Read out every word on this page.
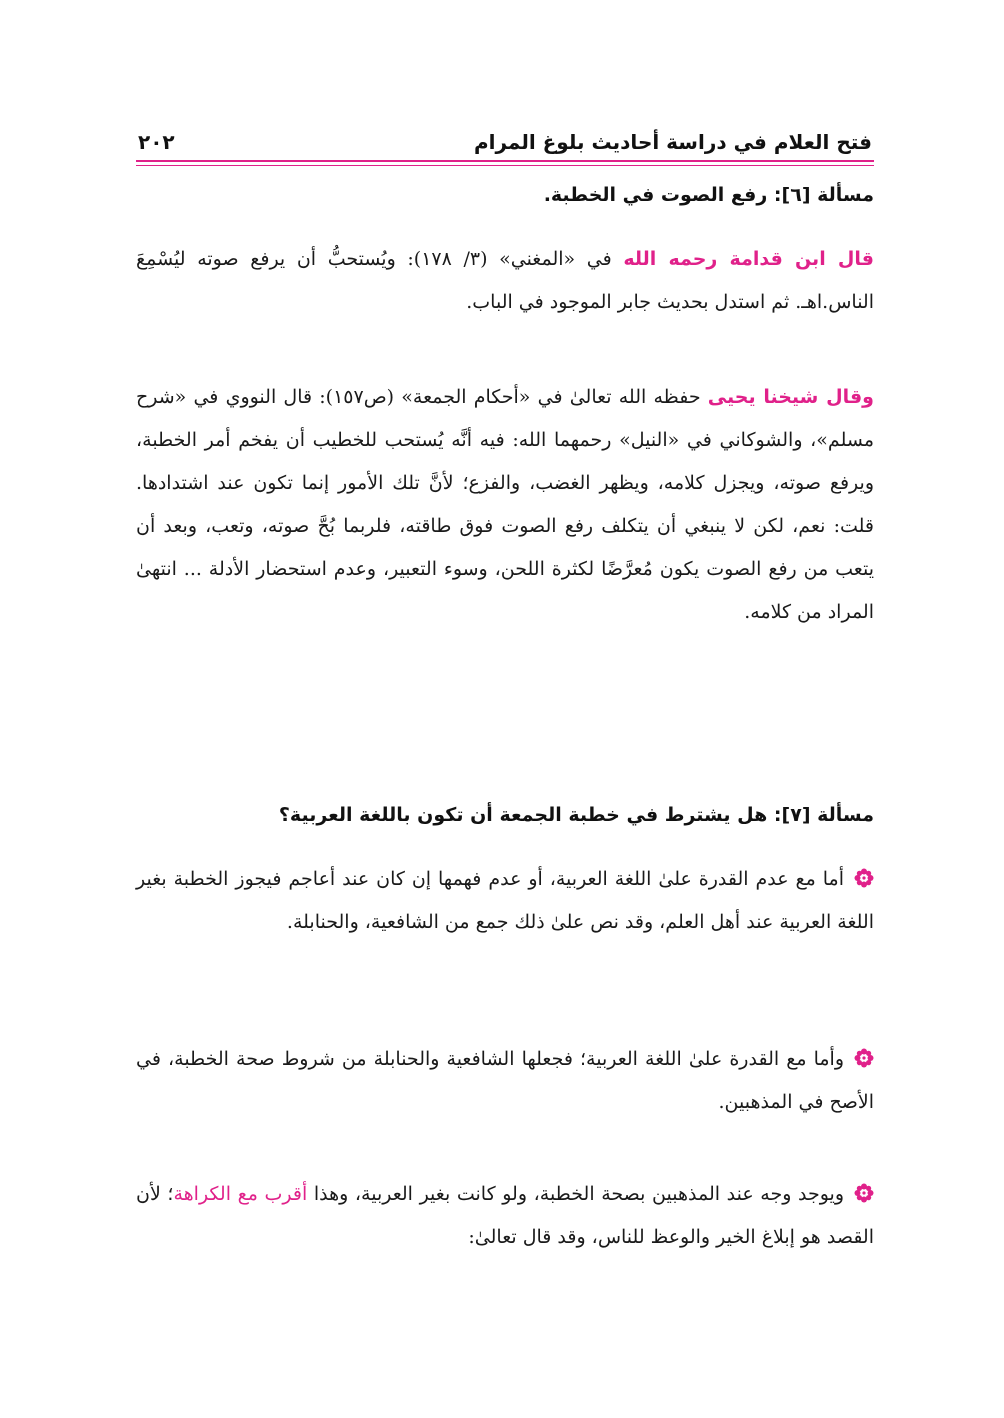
فتح العلام في دراسة أحاديث بلوغ المرام
٢٠٢
مسألة [٦]: رفع الصوت في الخطبة.

قال ابن قدامة رحمه الله في «المغني» (٣/ ١٧٨): ويُستحبُّ أن يرفع صوته ليُسْمِعَ الناس.اهـ. ثم استدل بحديث جابر الموجود في الباب.

وقال شيخنا يحيى حفظه الله تعالىٰ في «أحكام الجمعة» (ص١٥٧): قال النووي في «شرح مسلم»، والشوكاني في «النيل» رحمهما الله: فيه أنَّه يُستحب للخطيب أن يفخم أمر الخطبة، ويرفع صوته، ويجزل كلامه، ويظهر الغضب، والفزع؛ لأنَّ تلك الأمور إنما تكون عند اشتدادها. قلت: نعم، لكن لا ينبغي أن يتكلف رفع الصوت فوق طاقته، فلربما بُحَّ صوته، وتعب، وبعد أن يتعب من رفع الصوت يكون مُعرَّضًا لكثرة اللحن، وسوء التعبير، وعدم استحضار الأدلة ... انتهىٰ المراد من كلامه.

مسألة [٧]: هل يشترط في خطبة الجمعة أن تكون باللغة العربية؟

أما مع عدم القدرة علىٰ اللغة العربية، أو عدم فهمها إن كان عند أعاجم فيجوز الخطبة بغير اللغة العربية عند أهل العلم، وقد نص علىٰ ذلك جمع من الشافعية، والحنابلة.

وأما مع القدرة علىٰ اللغة العربية؛ فجعلها الشافعية والحنابلة من شروط صحة الخطبة، في الأصح في المذهبين.

ويوجد وجه عند المذهبين بصحة الخطبة، ولو كانت بغير العربية، وهذا أقرب مع الكراهة؛ لأن القصد هو إبلاغ الخير والوعظ للناس، وقد قال تعالىٰ:
